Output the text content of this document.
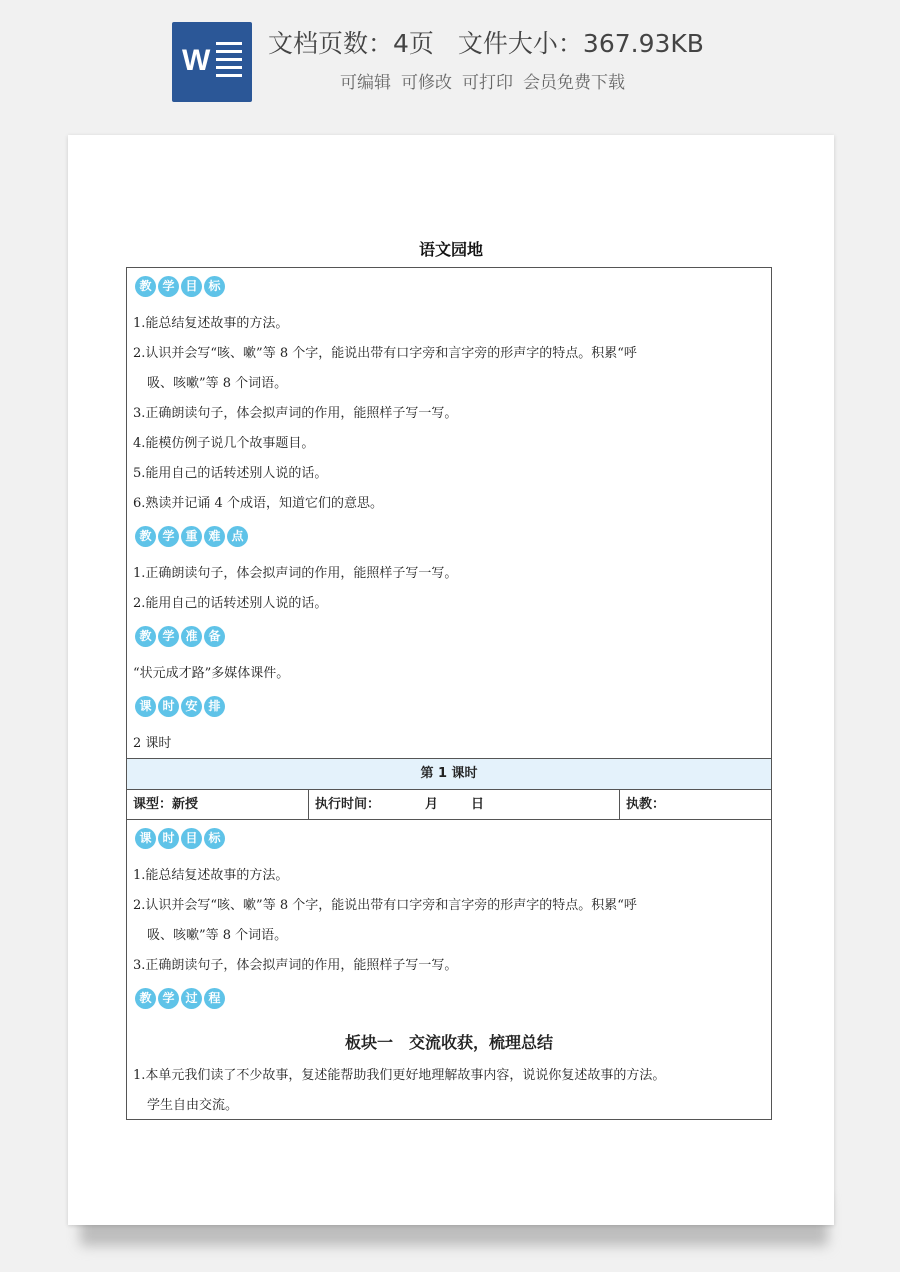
W
文档页数：4页 文件大小：367.93KB
可编辑 可修改 可打印 会员免费下载
语文园地
教 学 目 标
1.能总结复述故事的方法。
2.认识并会写“咳、嗽”等 8 个字，能说出带有口字旁和言字旁的形声字的特点。积累“呼
吸、咳嗽”等 8 个词语。
3.正确朗读句子，体会拟声词的作用，能照样子写一写。
4.能模仿例子说几个故事题目。
5.能用自己的话转述别人说的话。
6.熟读并记诵 4 个成语，知道它们的意思。
教 学 重 难 点
1.正确朗读句子，体会拟声词的作用，能照样子写一写。
2.能用自己的话转述别人说的话。
教 学 准 备
“状元成才路”多媒体课件。
课 时 安 排
2 课时
第 1 课时
课型：新授	执行时间：	月	日	执教：
课 时 目 标
1.能总结复述故事的方法。
2.认识并会写“咳、嗽”等 8 个字，能说出带有口字旁和言字旁的形声字的特点。积累“呼
吸、咳嗽”等 8 个词语。
3.正确朗读句子，体会拟声词的作用，能照样子写一写。
教 学 过 程
板块一　交流收获，梳理总结
1.本单元我们读了不少故事，复述能帮助我们更好地理解故事内容，说说你复述故事的方法。
学生自由交流。
